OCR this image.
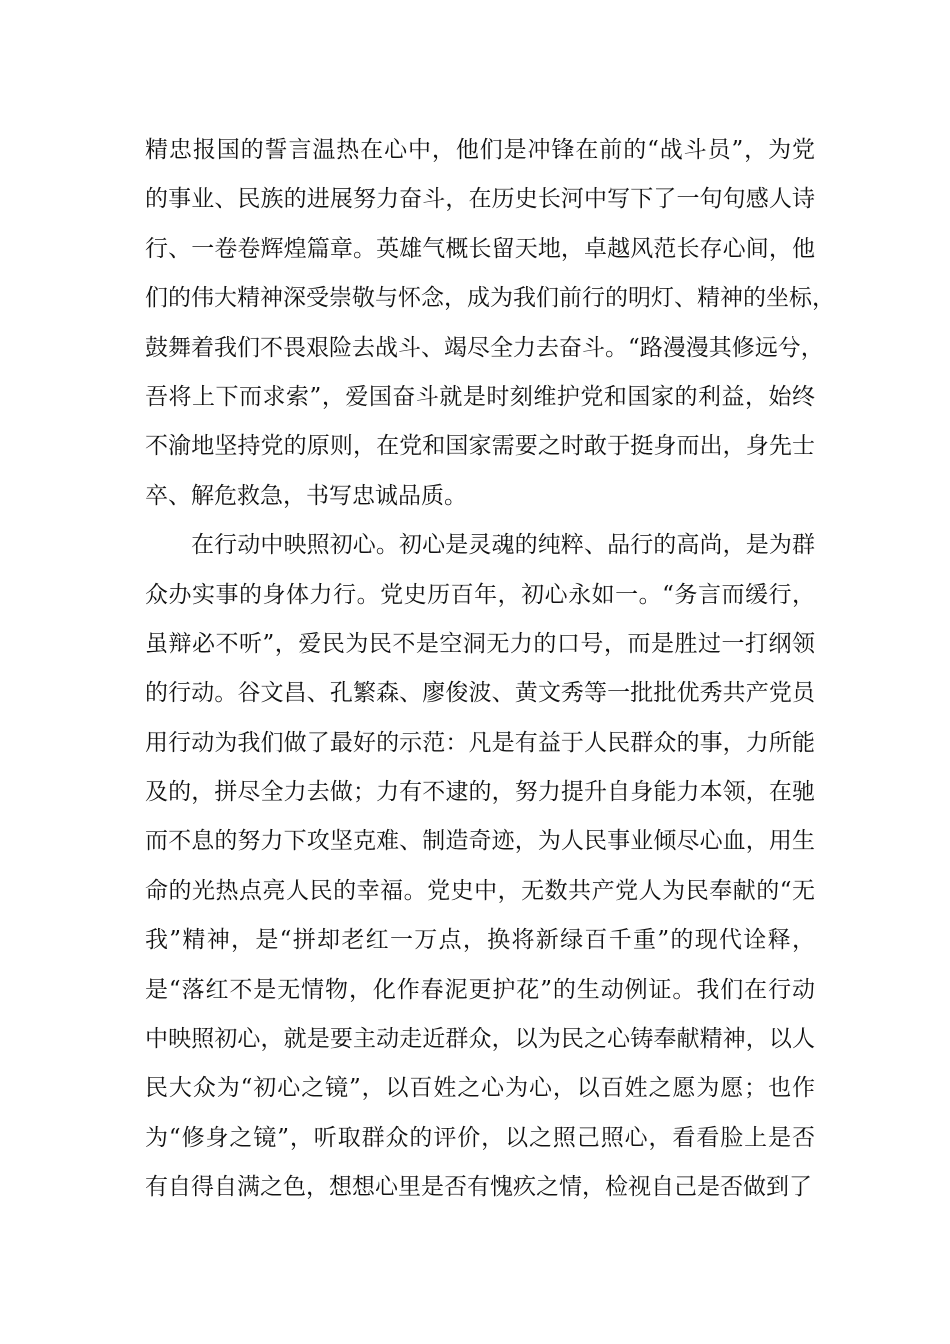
精忠报国的誓言温热在心中，他们是冲锋在前的“战斗员”，为党
的事业、民族的进展努力奋斗，在历史长河中写下了一句句感人诗
行、一卷卷辉煌篇章。英雄气概长留天地，卓越风范长存心间，他
们的伟大精神深受崇敬与怀念，成为我们前行的明灯、精神的坐标，
鼓舞着我们不畏艰险去战斗、竭尽全力去奋斗。“路漫漫其修远兮，
吾将上下而求索”，爱国奋斗就是时刻维护党和国家的利益，始终
不渝地坚持党的原则，在党和国家需要之时敢于挺身而出，身先士
卒、解危救急，书写忠诚品质。
在行动中映照初心。初心是灵魂的纯粹、品行的高尚，是为群
众办实事的身体力行。党史历百年，初心永如一。“务言而缓行，
虽辩必不听”，爱民为民不是空洞无力的口号，而是胜过一打纲领
的行动。谷文昌、孔繁森、廖俊波、黄文秀等一批批优秀共产党员
用行动为我们做了最好的示范：凡是有益于人民群众的事，力所能
及的，拼尽全力去做；力有不逮的，努力提升自身能力本领，在驰
而不息的努力下攻坚克难、制造奇迹，为人民事业倾尽心血，用生
命的光热点亮人民的幸福。党史中，无数共产党人为民奉献的“无
我”精神，是“拼却老红一万点，换将新绿百千重”的现代诠释，
是“落红不是无情物，化作春泥更护花”的生动例证。我们在行动
中映照初心，就是要主动走近群众，以为民之心铸奉献精神，以人
民大众为“初心之镜”，以百姓之心为心，以百姓之愿为愿；也作
为“修身之镜”，听取群众的评价，以之照己照心，看看脸上是否
有自得自满之色，想想心里是否有愧疚之情，检视自己是否做到了
